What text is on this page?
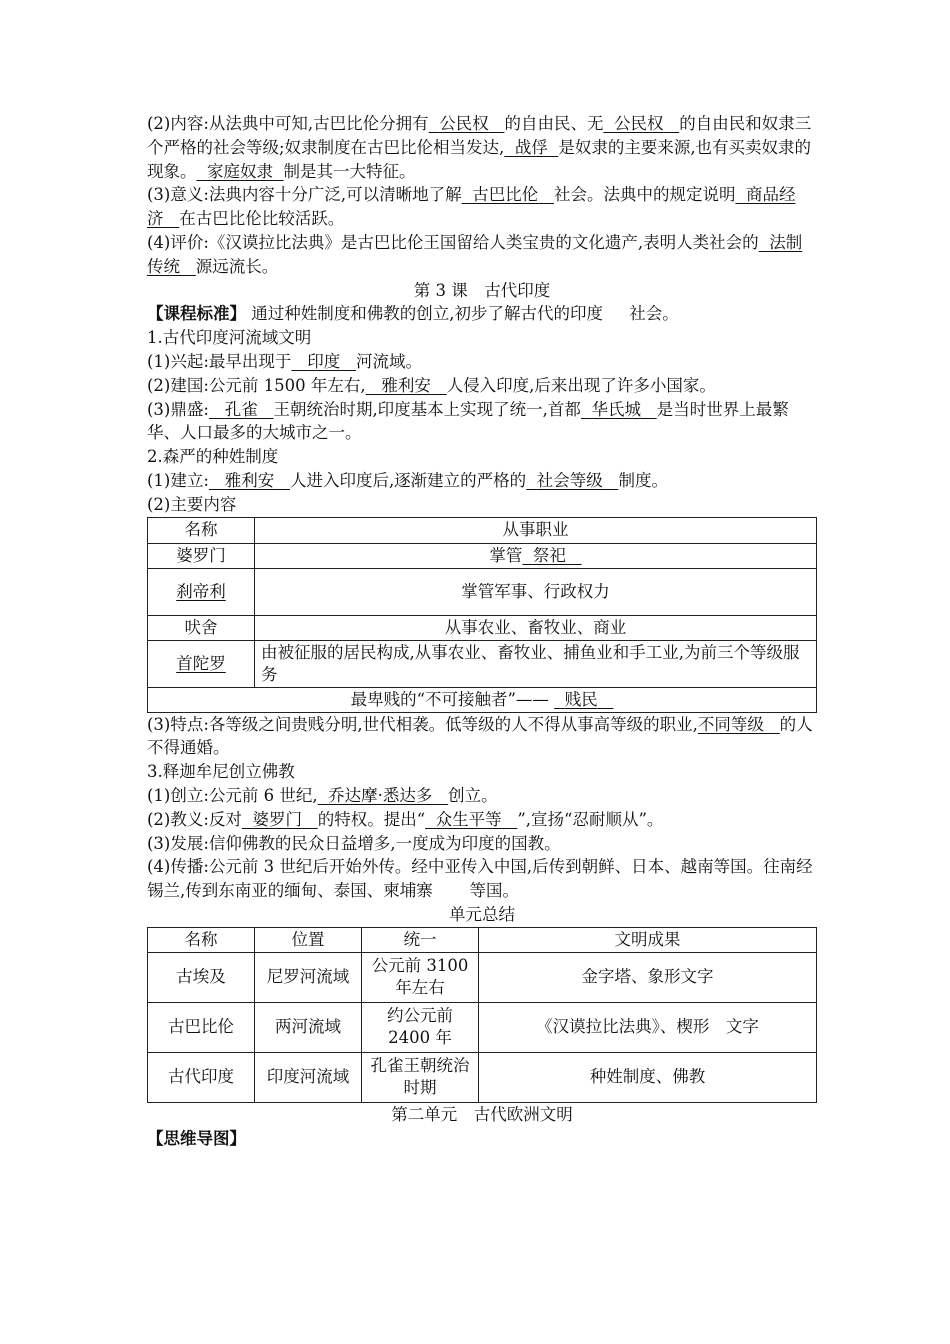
(2)内容:从法典中可知,古巴比伦分拥有 公民权 的自由民、无 公民权 的自由民和奴隶三个严格的社会等级;奴隶制度在古巴比伦相当发达, 战俘 是奴隶的主要来源,也有买卖奴隶的现象。 家庭奴隶 制是其一大特征。

(3)意义:法典内容十分广泛,可以清晰地了解 古巴比伦 社会。法典中的规定说明 商品经济 在古巴比伦比较活跃。

(4)评价:《汉谟拉比法典》是古巴比伦王国留给人类宝贵的文化遗产,表明人类社会的 法制传统 源远流长。

第 3 课　古代印度

【课程标准】 通过种姓制度和佛教的创立,初步了解古代的印度 社会。

1.古代印度河流域文明

(1)兴起:最早出现于 印度 河流域。

(2)建国:公元前 1500 年左右, 雅利安 人侵入印度,后来出现了许多小国家。

(3)鼎盛: 孔雀 王朝统治时期,印度基本上实现了统一,首都 华氏城 是当时世界上最繁华、人口最多的大城市之一。

2.森严的种姓制度

(1)建立: 雅利安 人进入印度后,逐渐建立的严格的 社会等级 制度。

(2)主要内容

名称	从事职业
婆罗门	掌管 祭祀
刹帝利	掌管军事、行政权力
吠舍	从事农业、畜牧业、商业
首陀罗	由被征服的居民构成,从事农业、畜牧业、捕鱼业和手工业,为前三个等级服务
最卑贱的“不可接触者”—— 贱民	

(3)特点:各等级之间贵贱分明,世代相袭。低等级的人不得从事高等级的职业,不同等级 的人不得通婚。

3.释迦牟尼创立佛教

(1)创立:公元前 6 世纪, 乔达摩·悉达多 创立。

(2)教义:反对 婆罗门 的特权。提出“ 众生平等 ”,宣扬“忍耐顺从”。

(3)发展:信仰佛教的民众日益增多,一度成为印度的国教。

(4)传播:公元前 3 世纪后开始外传。经中亚传入中国,后传到朝鲜、日本、越南等国。往南经锡兰,传到东南亚的缅甸、泰国、柬埔寨 等国。

单元总结

名称	位置	统一	文明成果
古埃及	尼罗河流域	公元前 3100 年左右	金字塔、象形文字
古巴比伦	两河流域	约公元前 2400 年	《汉谟拉比法典》、楔形　文字
古代印度	印度河流域	孔雀王朝统治时期	种姓制度、佛教

第二单元　古代欧洲文明

【思维导图】
